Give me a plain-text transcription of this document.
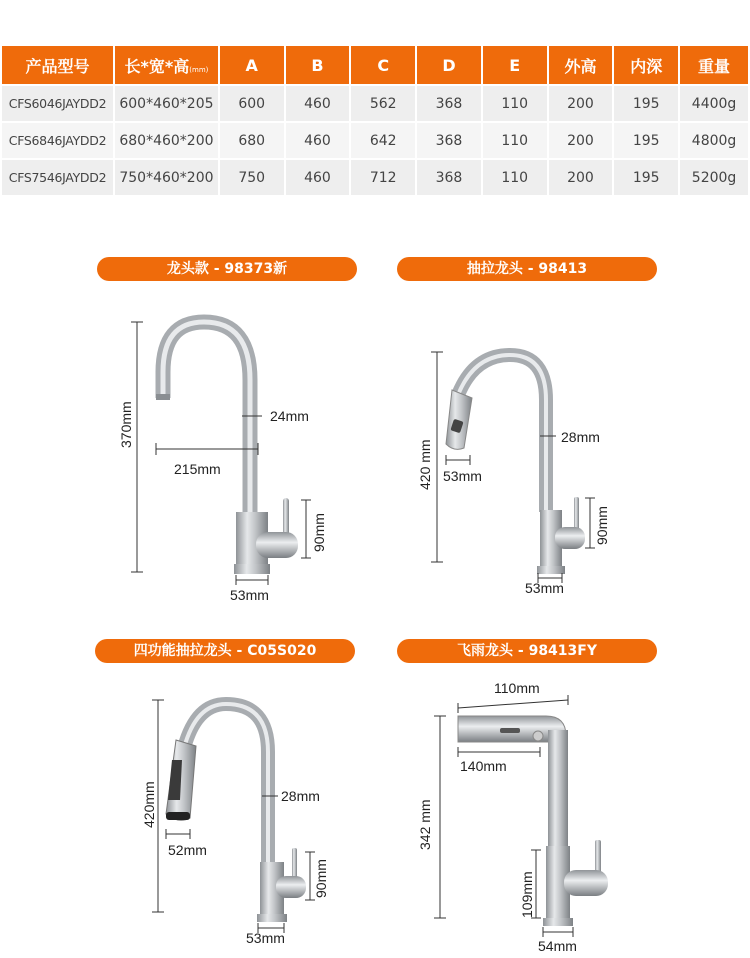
产品型号	长*宽*高(mm)	A	B	C	D	E	外高	内深	重量
CFS6046JAYDD2	600*460*205	600	460	562	368	110	200	195	4400g
CFS6846JAYDD2	680*460*200	680	460	642	368	110	200	195	4800g
CFS7546JAYDD2	750*460*200	750	460	712	368	110	200	195	5200g
龙头款 - 98373新	抽拉龙头 - 98413
四功能抽拉龙头 - C05S020	飞雨龙头 - 98413FY
370mm	24mm
215mm
90mm
53mm
420 mm
28mm
53mm
90mm
53mm
420mm	28mm
52mm
90mm
53mm
110mm
140mm
342 mm
109mm
54mm
